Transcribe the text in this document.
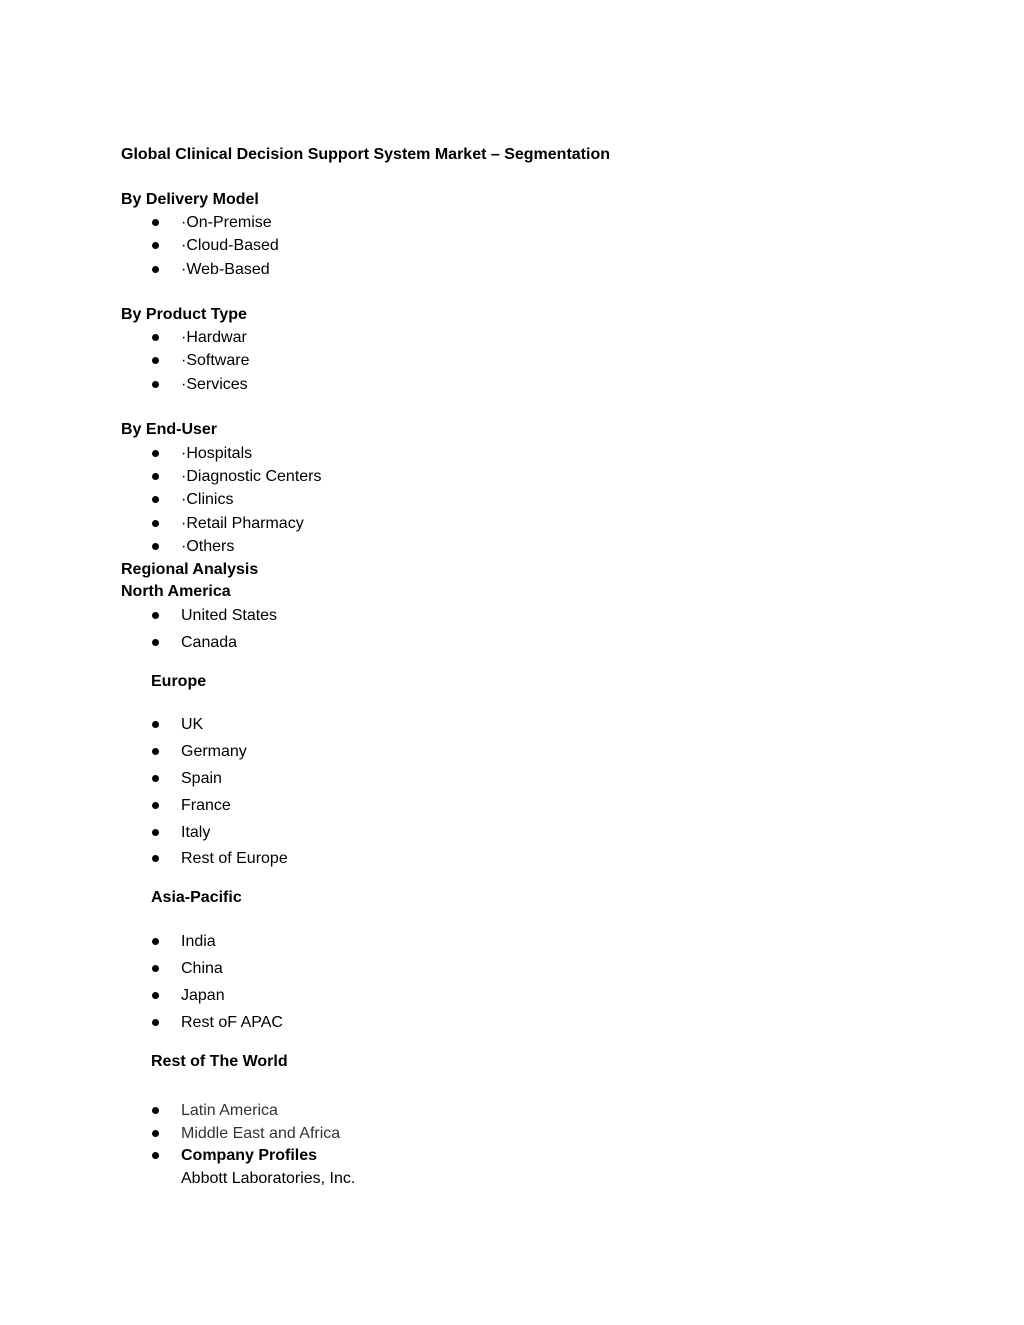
Global Clinical Decision Support System Market – Segmentation

By Delivery Model

·On-Premise

·Cloud-Based

·Web-Based

By Product Type

·Hardwar

·Software

·Services

By End-User

·Hospitals

·Diagnostic Centers

·Clinics

·Retail Pharmacy

·Others

Regional Analysis

North America

United States

Canada

Europe

UK

Germany

Spain

France

Italy

Rest of Europe

Asia-Pacific

India

China

Japan

Rest oF APAC

Rest of The World

Latin America

Middle East and Africa

Company Profiles

Abbott Laboratories, Inc.
